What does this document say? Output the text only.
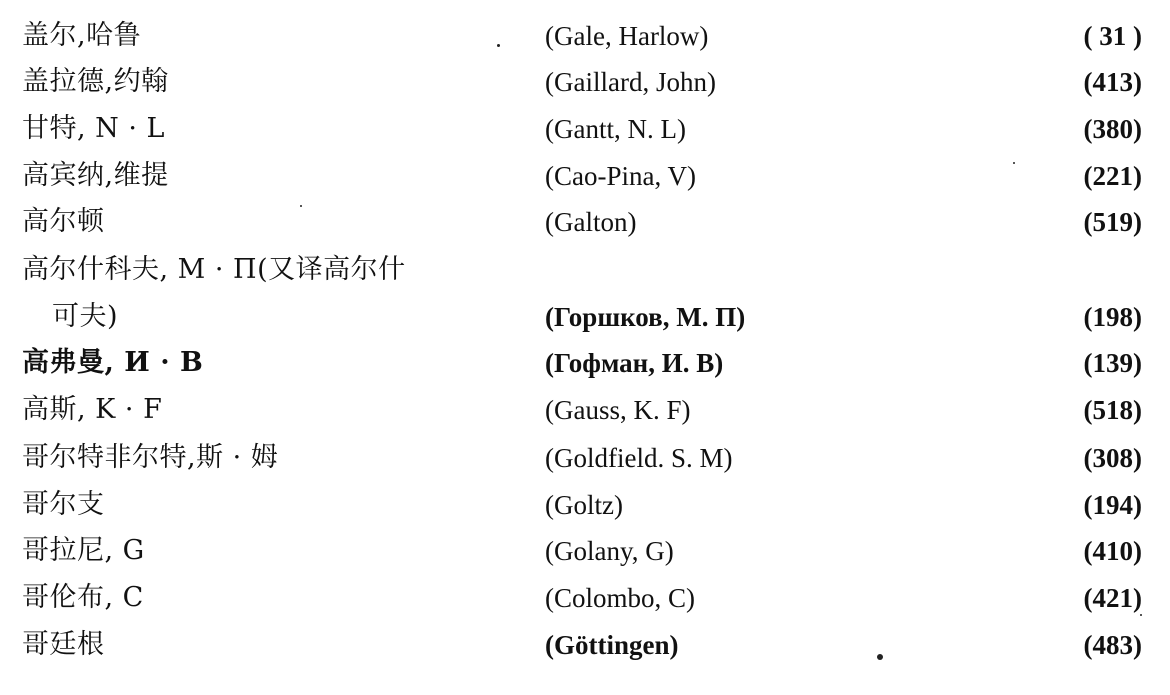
盖尔,哈鲁	(Gale, Harlow)	( 31 )
盖拉德,约翰	(Gaillard, John)	(413)
甘特, N · L	(Gantt, N. L)	(380)
高宾纳,维提	(Cao-Pina, V)	(221)
高尔顿	(Galton)	(519)
高尔什科夫, M · П(又译高尔什
可夫)	(Горшков, M. П)	(198)
高弗曼, И · В	(Гофман, И. В)	(139)
高斯, K · F	(Gauss, K. F)	(518)
哥尔特非尔特,斯 · 姆	(Goldfield. S. M)	(308)
哥尔支	(Goltz)	(194)
哥拉尼, G	(Golany, G)	(410)
哥伦布, C	(Colombo, C)	(421)
哥廷根	(Göttingen)	(483)
